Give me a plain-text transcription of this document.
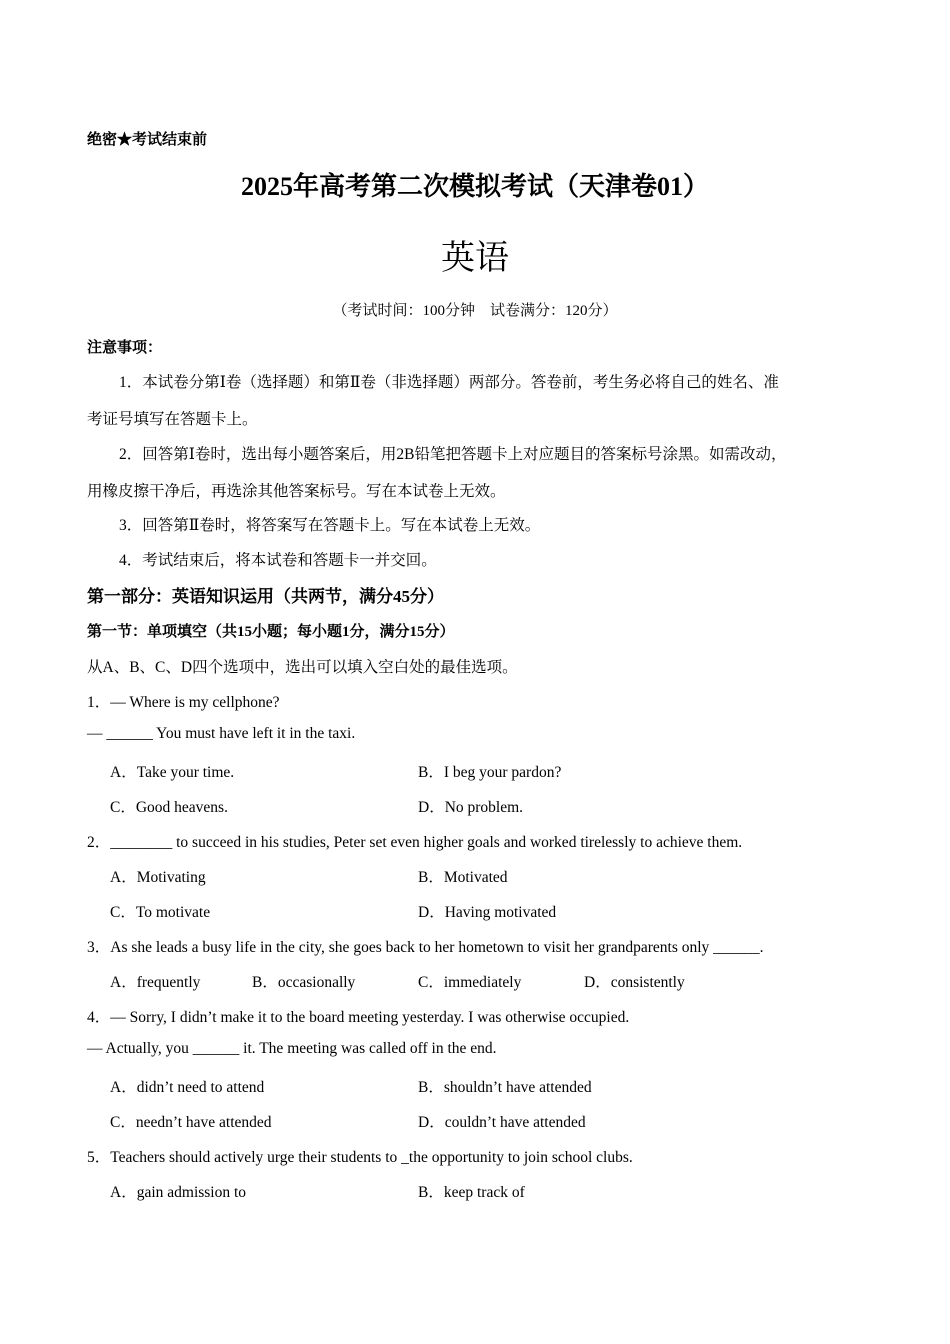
绝密★考试结束前
2025年高考第二次模拟考试（天津卷01）
英语
（考试时间：100分钟　试卷满分：120分）
注意事项：
1．本试卷分第Ⅰ卷（选择题）和第Ⅱ卷（非选择题）两部分。答卷前，考生务必将自己的姓名、准
考证号填写在答题卡上。
2．回答第Ⅰ卷时，选出每小题答案后，用2B铅笔把答题卡上对应题目的答案标号涂黑。如需改动，
用橡皮擦干净后，再选涂其他答案标号。写在本试卷上无效。
3．回答第Ⅱ卷时，将答案写在答题卡上。写在本试卷上无效。
4．考试结束后，将本试卷和答题卡一并交回。
第一部分：英语知识运用（共两节，满分45分）
第一节：单项填空（共15小题；每小题1分，满分15分）
从A、B、C、D四个选项中，选出可以填入空白处的最佳选项。
1．— Where is my cellphone?
— ______ You must have left it in the taxi.
A．Take your time.	B．I beg your pardon?
C．Good heavens.	D．No problem.
2．________ to succeed in his studies, Peter set even higher goals and worked tirelessly to achieve them.
A．Motivating	B．Motivated
C．To motivate	D．Having motivated
3．As she leads a busy life in the city, she goes back to her hometown to visit her grandparents only ______.
A．frequently	B．occasionally	C．immediately	D．consistently
4．— Sorry, I didn’t make it to the board meeting yesterday. I was otherwise occupied.
— Actually, you ______ it. The meeting was called off in the end.
A．didn’t need to attend	B．shouldn’t have attended
C．needn’t have attended	D．couldn’t have attended
5．Teachers should actively urge their students to _the opportunity to join school clubs.
A．gain admission to	B．keep track of
